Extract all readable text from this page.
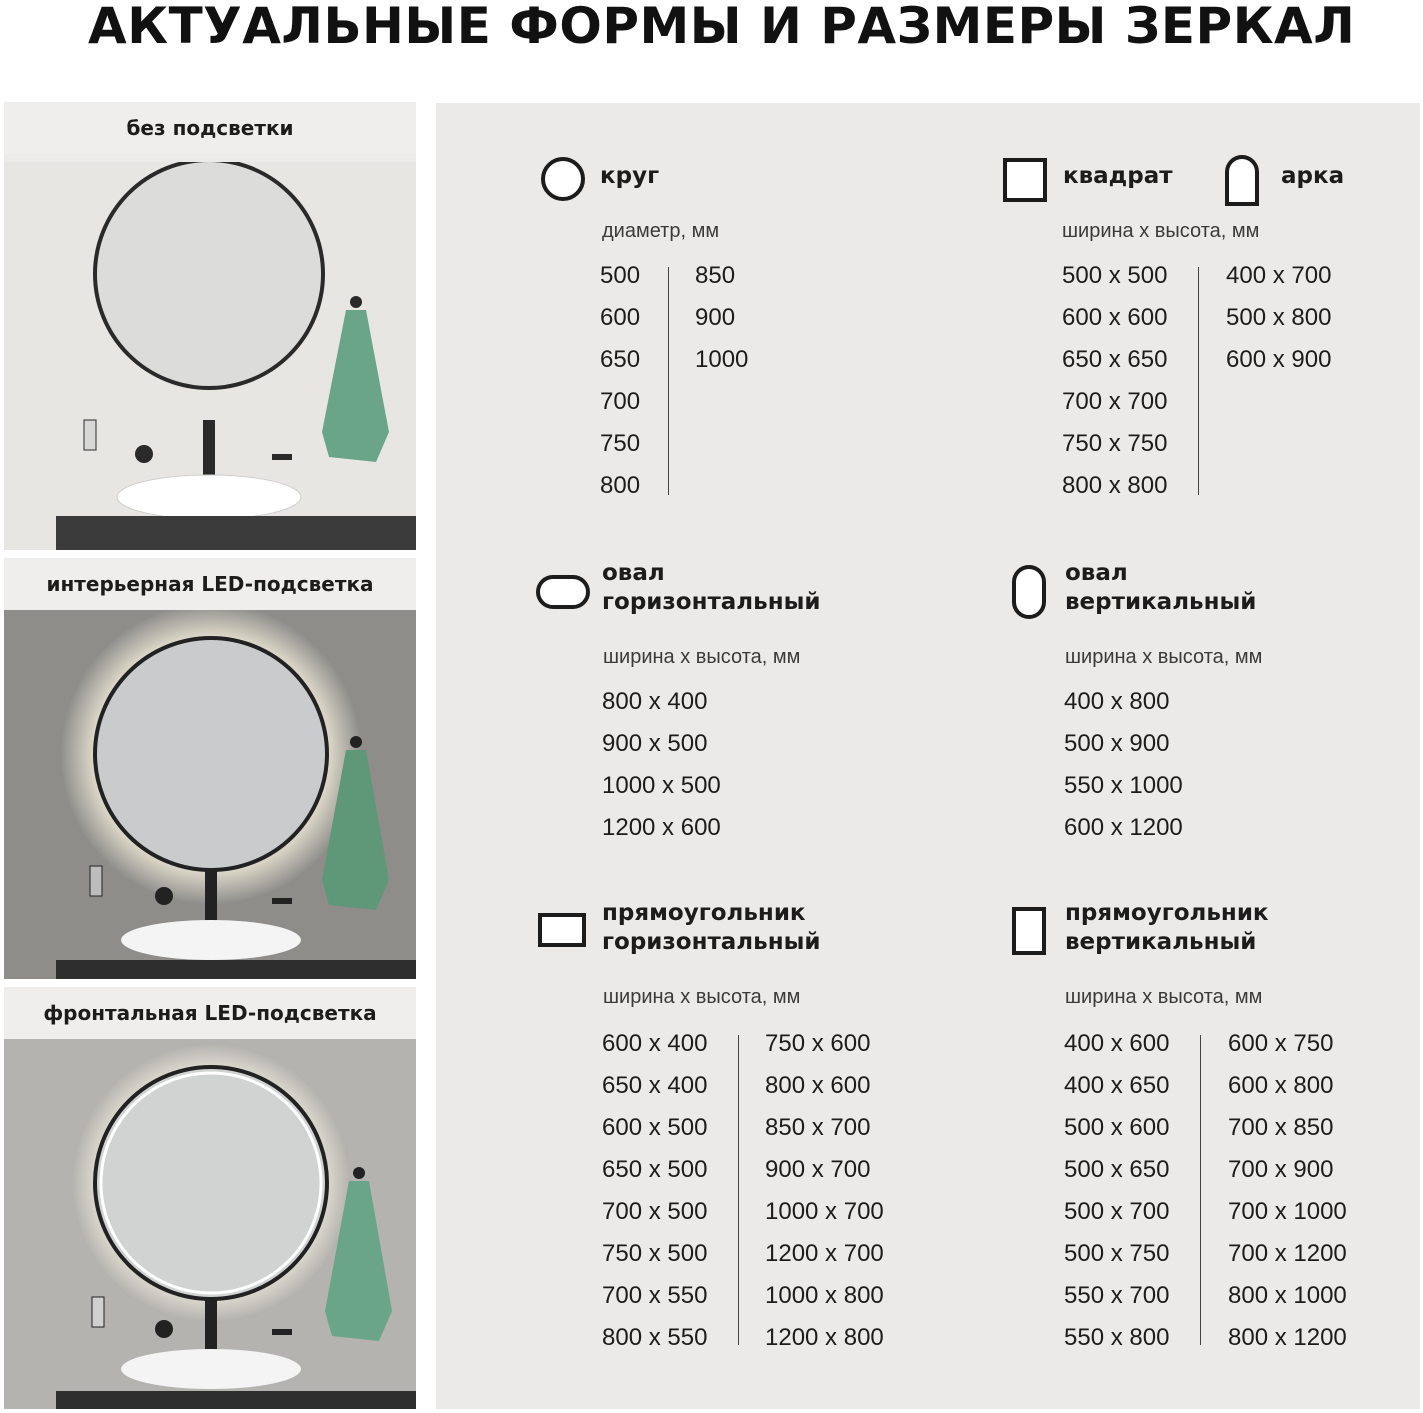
АКТУАЛЬНЫЕ ФОРМЫ И РАЗМЕРЫ ЗЕРКАЛ
без подсветки
интерьерная LED-подсветка
фронтальная LED-подсветка
круг
диаметр, мм
500
600
650
700
750
800
850
900
1000
квадрат	арка
ширина х высота, мм
500 х 500
600 х 600
650 х 650
700 х 700
750 х 750
800 х 800
400 х 700
500 х 800
600 х 900
овал
горизонтальный
ширина х высота, мм
800 х 400
900 х 500
1000 х 500
1200 х 600
овал
вертикальный
ширина х высота, мм
400 х 800
500 х 900
550 х 1000
600 х 1200
прямоугольник
горизонтальный
ширина х высота, мм
600 х 400
650 х 400
600 х 500
650 х 500
700 х 500
750 х 500
700 х 550
800 х 550
750 х 600
800 х 600
850 х 700
900 х 700
1000 х 700
1200 х 700
1000 х 800
1200 х 800
прямоугольник
вертикальный
ширина х высота, мм
400 х 600
400 х 650
500 х 600
500 х 650
500 х 700
500 х 750
550 х 700
550 х 800
600 х 750
600 х 800
700 х 850
700 х 900
700 х 1000
700 х 1200
800 х 1000
800 х 1200
